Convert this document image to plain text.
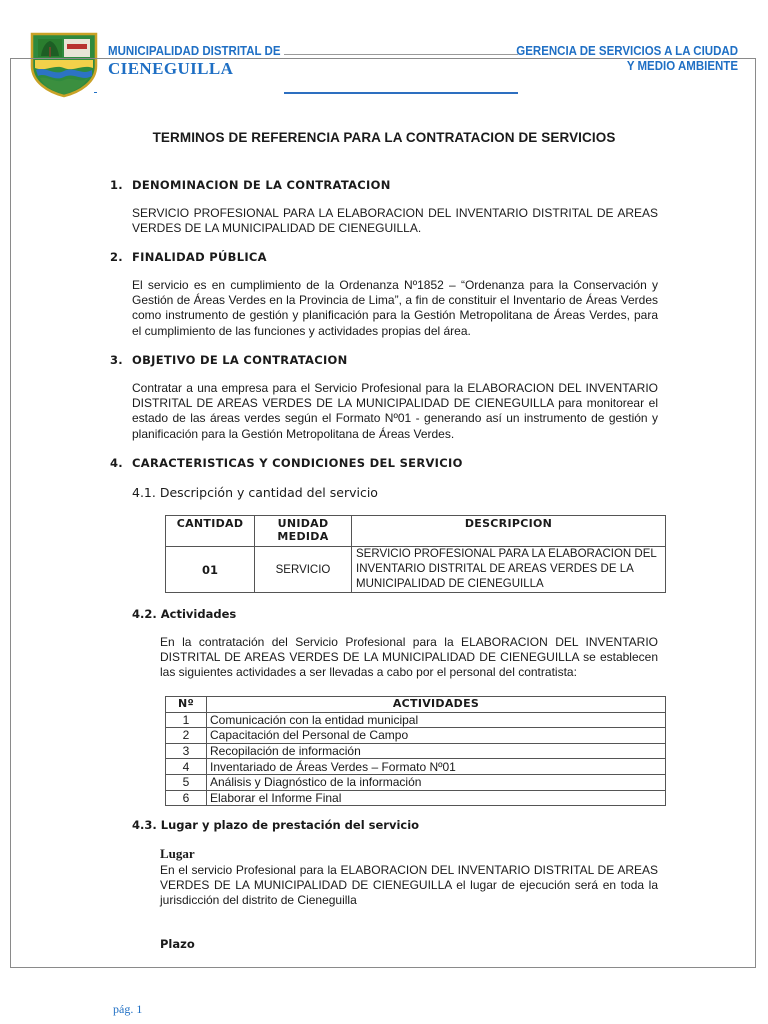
MUNICIPALIDAD DISTRITAL DE
CIENEGUILLA
GERENCIA DE SERVICIOS A LA CIUDAD
Y MEDIO AMBIENTE
TERMINOS DE REFERENCIA PARA LA CONTRATACION DE SERVICIOS
1. DENOMINACION DE LA CONTRATACION
SERVICIO PROFESIONAL PARA LA ELABORACION DEL INVENTARIO DISTRITAL DE AREAS VERDES DE LA MUNICIPALIDAD DE CIENEGUILLA.
2. FINALIDAD PÚBLICA
El servicio es en cumplimiento de la Ordenanza Nº1852 – “Ordenanza para la Conservación y Gestión de Áreas Verdes en la Provincia de Lima”, a fin de constituir el Inventario de Áreas Verdes como instrumento de gestión y planificación para la Gestión Metropolitana de Áreas Verdes, para el cumplimiento de las funciones y actividades propias del área.
3. OBJETIVO DE LA CONTRATACION
Contratar a una empresa para el Servicio Profesional para la ELABORACION DEL INVENTARIO DISTRITAL DE AREAS VERDES DE LA MUNICIPALIDAD DE CIENEGUILLA para monitorear el estado de las áreas verdes según el Formato Nº01 - generando así un instrumento de gestión y planificación para la Gestión Metropolitana de Áreas Verdes.
4. CARACTERISTICAS Y CONDICIONES DEL SERVICIO
4.1. Descripción y cantidad del servicio
CANTIDAD	UNIDAD MEDIDA	DESCRIPCION
01	SERVICIO	SERVICIO PROFESIONAL PARA LA ELABORACION DEL INVENTARIO DISTRITAL DE AREAS VERDES DE LA MUNICIPALIDAD DE CIENEGUILLA
4.2. Actividades
En la contratación del Servicio Profesional para la ELABORACION DEL INVENTARIO DISTRITAL DE AREAS VERDES DE LA MUNICIPALIDAD DE CIENEGUILLA se establecen las siguientes actividades a ser llevadas a cabo por el personal del contratista:
Nº	ACTIVIDADES
1	Comunicación con la entidad municipal
2	Capacitación del Personal de Campo
3	Recopilación de información
4	Inventariado de Áreas Verdes – Formato Nº01
5	Análisis y Diagnóstico de la información
6	Elaborar el Informe Final
4.3. Lugar y plazo de prestación del servicio
Lugar
En el servicio Profesional para la ELABORACION DEL INVENTARIO DISTRITAL DE AREAS VERDES DE LA MUNICIPALIDAD DE CIENEGUILLA el lugar de ejecución será en toda la jurisdicción del distrito de Cieneguilla
Plazo
pág. 1
